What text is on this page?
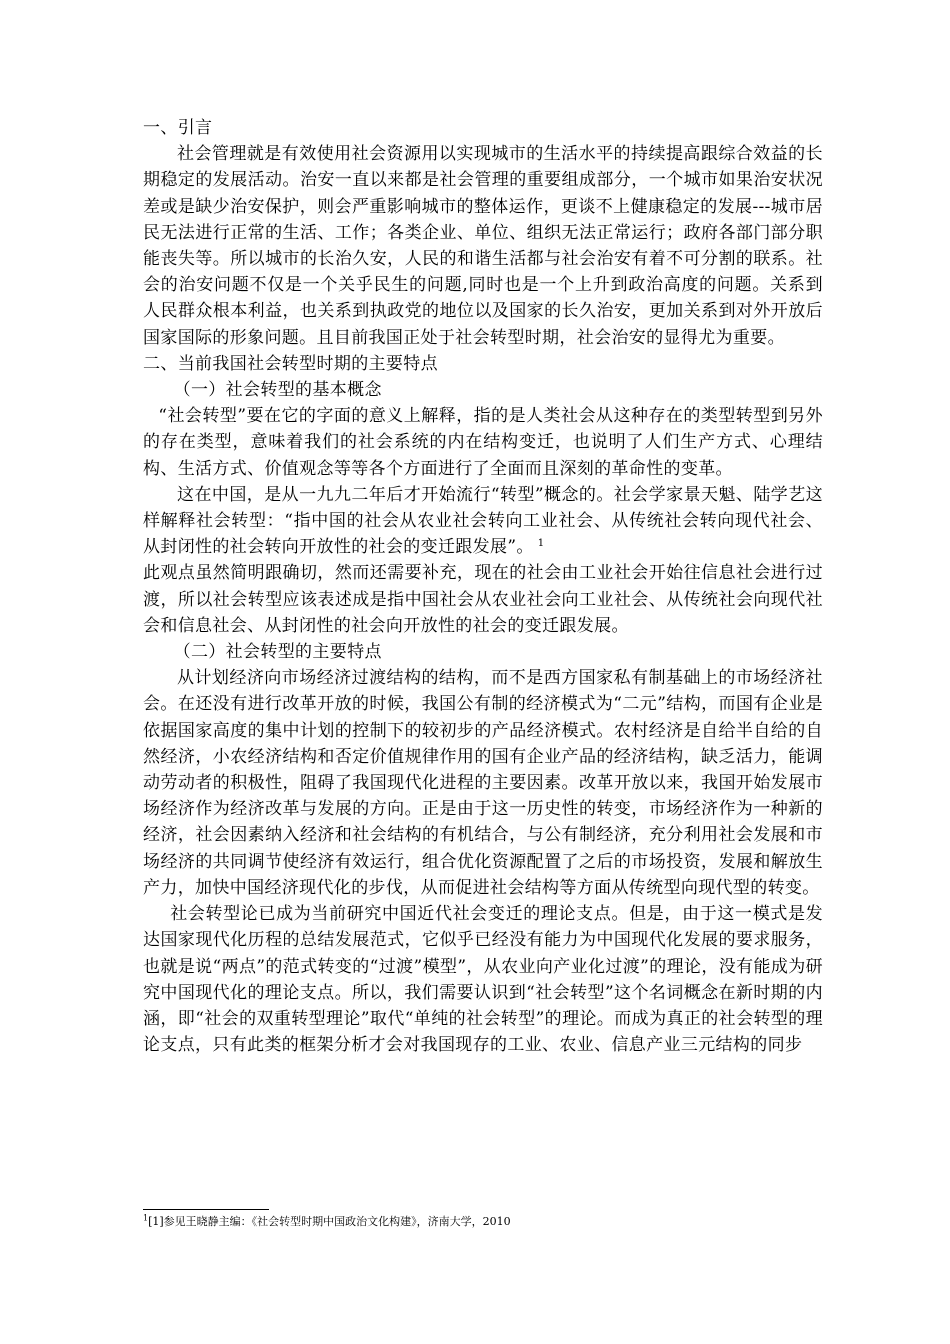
一、引言

社会管理就是有效使用社会资源用以实现城市的生活水平的持续提高跟综合效益的长期稳定的发展活动。治安一直以来都是社会管理的重要组成部分，一个城市如果治安状况差或是缺少治安保护，则会严重影响城市的整体运作，更谈不上健康稳定的发展---城市居民无法进行正常的生活、工作；各类企业、单位、组织无法正常运行；政府各部门部分职能丧失等。所以城市的长治久安，人民的和谐生活都与社会治安有着不可分割的联系。社会的治安问题不仅是一个关乎民生的问题,同时也是一个上升到政治高度的问题。关系到人民群众根本利益，也关系到执政党的地位以及国家的长久治安，更加关系到对外开放后国家国际的形象问题。且目前我国正处于社会转型时期，社会治安的显得尤为重要。

二、当前我国社会转型时期的主要特点

（一）社会转型的基本概念

“社会转型”要在它的字面的意义上解释，指的是人类社会从这种存在的类型转型到另外的存在类型，意味着我们的社会系统的内在结构变迁，也说明了人们生产方式、心理结构、生活方式、价值观念等等各个方面进行了全面而且深刻的革命性的变革。

这在中国，是从一九九二年后才开始流行“转型”概念的。社会学家景天魁、陆学艺这样解释社会转型：“指中国的社会从农业社会转向工业社会、从传统社会转向现代社会、从封闭性的社会转向开放性的社会的变迁跟发展”。 $^1$

此观点虽然简明跟确切，然而还需要补充，现在的社会由工业社会开始往信息社会进行过渡，所以社会转型应该表述成是指中国社会从农业社会向工业社会、从传统社会向现代社会和信息社会、从封闭性的社会向开放性的社会的变迁跟发展。

（二）社会转型的主要特点

从计划经济向市场经济过渡结构的结构，而不是西方国家私有制基础上的市场经济社会。在还没有进行改革开放的时候，我国公有制的经济模式为“二元”结构，而国有企业是依据国家高度的集中计划的控制下的较初步的产品经济模式。农村经济是自给半自给的自然经济，小农经济结构和否定价值规律作用的国有企业产品的经济结构，缺乏活力，能调动劳动者的积极性，阻碍了我国现代化进程的主要因素。改革开放以来，我国开始发展市场经济作为经济改革与发展的方向。正是由于这一历史性的转变，市场经济作为一种新的经济，社会因素纳入经济和社会结构的有机结合，与公有制经济，充分利用社会发展和市场经济的共同调节使经济有效运行，组合优化资源配置了之后的市场投资，发展和解放生产力，加快中国经济现代化的步伐，从而促进社会结构等方面从传统型向现代型的转变。

社会转型论已成为当前研究中国近代社会变迁的理论支点。但是，由于这一模式是发达国家现代化历程的总结发展范式，它似乎已经没有能力为中国现代化发展的要求服务，也就是说“两点”的范式转变的“过渡”模型”，从农业向产业化过渡”的理论，没有能成为研究中国现代化的理论支点。所以，我们需要认识到“社会转型”这个名词概念在新时期的内涵，即“社会的双重转型理论”取代“单纯的社会转型”的理论。而成为真正的社会转型的理论支点，只有此类的框架分析才会对我国现存的工业、农业、信息产业三元结构的同步

$^1$[1]参见王晓静主编：《社会转型时期中国政治文化构建》，济南大学，2010
